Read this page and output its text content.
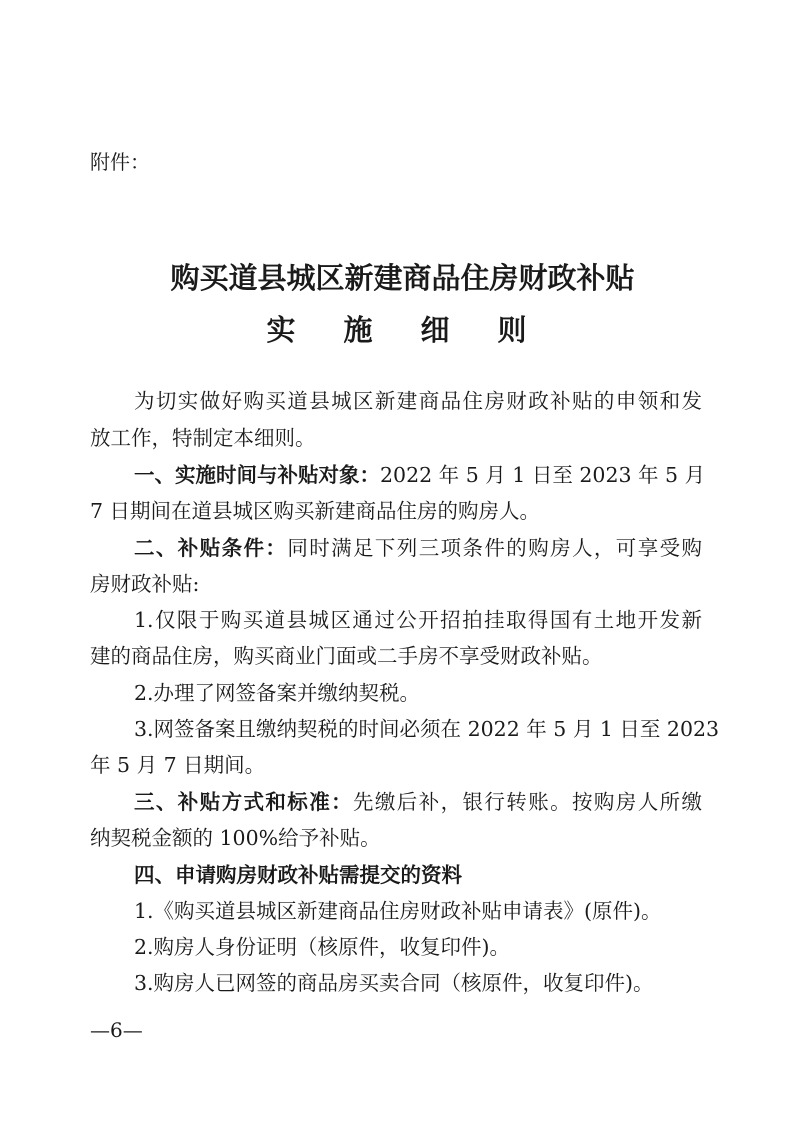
附件：
购买道县城区新建商品住房财政补贴
实施细则
为切实做好购买道县城区新建商品住房财政补贴的申领和发
放工作，特制定本细则。
一、实施时间与补贴对象：2022 年 5 月 1 日至 2023 年 5 月
7 日期间在道县城区购买新建商品住房的购房人。
二、补贴条件：同时满足下列三项条件的购房人，可享受购
房财政补贴:
1.仅限于购买道县城区通过公开招拍挂取得国有土地开发新
建的商品住房，购买商业门面或二手房不享受财政补贴。
2.办理了网签备案并缴纳契税。
3.网签备案且缴纳契税的时间必须在 2022 年 5 月 1 日至 2023
年 5 月 7 日期间。
三、补贴方式和标准：先缴后补，银行转账。按购房人所缴
纳契税金额的 100%给予补贴。
四、申请购房财政补贴需提交的资料
1.《购买道县城区新建商品住房财政补贴申请表》(原件)。
2.购房人身份证明（核原件，收复印件)。
3.购房人已网签的商品房买卖合同（核原件，收复印件)。
—6—
